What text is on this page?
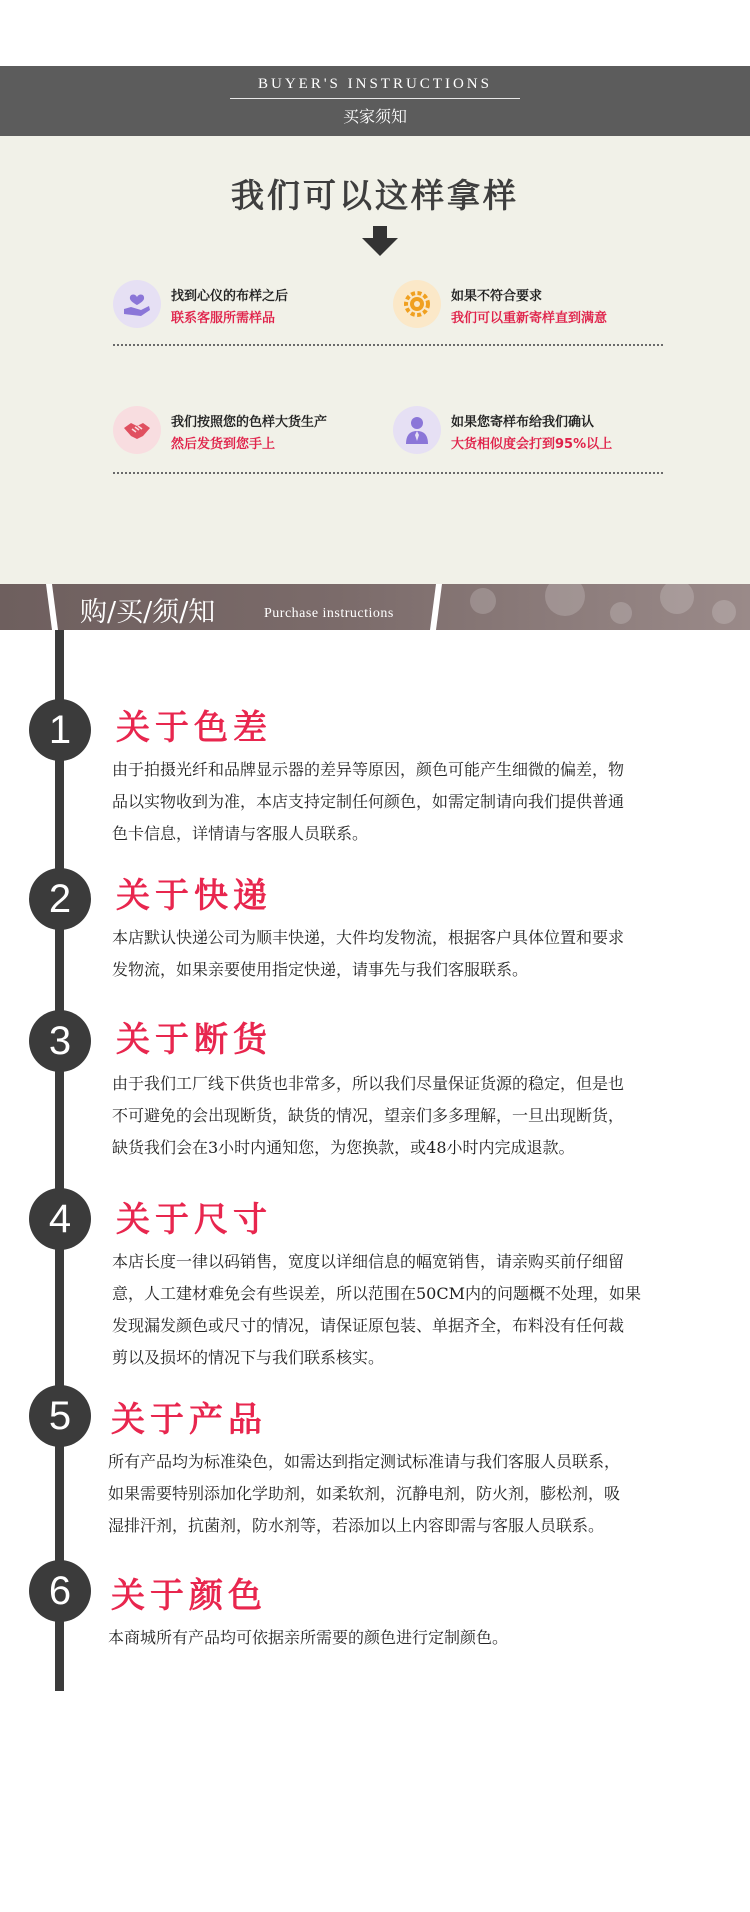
BUYER'S INSTRUCTIONS
买家须知
我们可以这样拿样
找到心仪的布样之后
联系客服所需样品
如果不符合要求
我们可以重新寄样直到满意
我们按照您的色样大货生产
然后发货到您手上
如果您寄样布给我们确认
大货相似度会打到95%以上
购/买/须/知	Purchase instructions
1	关于色差
由于拍摄光纤和品牌显示器的差异等原因，颜色可能产生细微的偏差，物
品以实物收到为准，本店支持定制任何颜色，如需定制请向我们提供普通
色卡信息，详情请与客服人员联系。
2	关于快递
本店默认快递公司为顺丰快递，大件均发物流，根据客户具体位置和要求
发物流，如果亲要使用指定快递，请事先与我们客服联系。
3	关于断货
由于我们工厂线下供货也非常多，所以我们尽量保证货源的稳定，但是也
不可避免的会出现断货，缺货的情况，望亲们多多理解，一旦出现断货，
缺货我们会在3小时内通知您，为您换款，或48小时内完成退款。
4	关于尺寸
本店长度一律以码销售，宽度以详细信息的幅宽销售，请亲购买前仔细留
意，人工建材难免会有些误差，所以范围在50CM内的问题概不处理，如果
发现漏发颜色或尺寸的情况，请保证原包装、单据齐全，布料没有任何裁
剪以及损坏的情况下与我们联系核实。
5	关于产品
所有产品均为标准染色，如需达到指定测试标准请与我们客服人员联系，
如果需要特别添加化学助剂，如柔软剂，沉静电剂，防火剂，膨松剂，吸
湿排汗剂，抗菌剂，防水剂等，若添加以上内容即需与客服人员联系。
6	关于颜色
本商城所有产品均可依据亲所需要的颜色进行定制颜色。
